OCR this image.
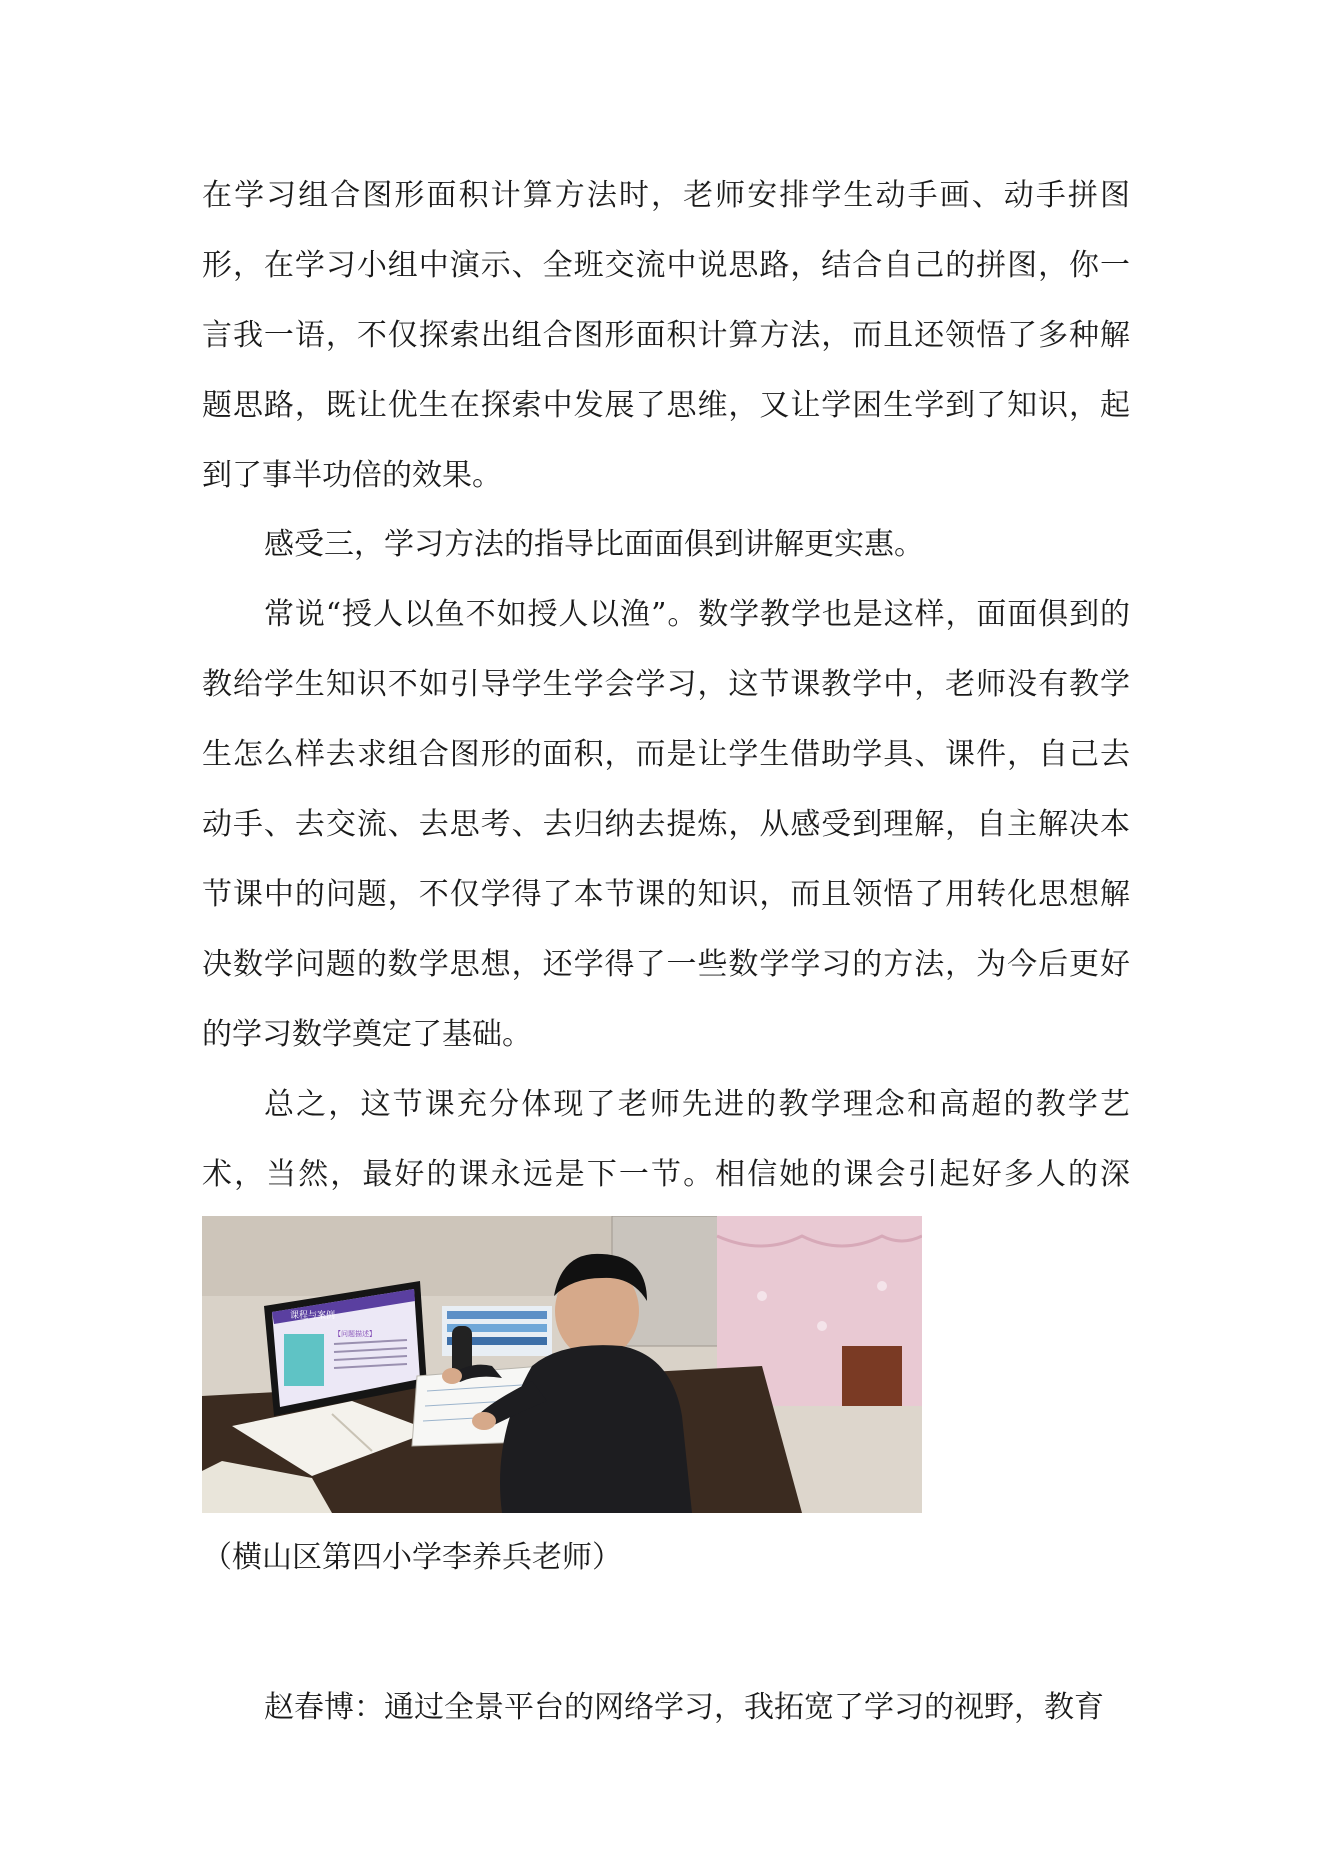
在学习组合图形面积计算方法时，老师安排学生动手画、动手拼图形，在学习小组中演示、全班交流中说思路，结合自己的拼图，你一言我一语，不仅探索出组合图形面积计算方法，而且还领悟了多种解题思路，既让优生在探索中发展了思维，又让学困生学到了知识，起到了事半功倍的效果。

感受三，学习方法的指导比面面俱到讲解更实惠。

常说“授人以鱼不如授人以渔”。数学教学也是这样，面面俱到的教给学生知识不如引导学生学会学习，这节课教学中，老师没有教学生怎么样去求组合图形的面积，而是让学生借助学具、课件，自己去动手、去交流、去思考、去归纳去提炼，从感受到理解，自主解决本节课中的问题，不仅学得了本节课的知识，而且领悟了用转化思想解决数学问题的数学思想，还学得了一些数学学习的方法，为今后更好的学习数学奠定了基础。

总之，这节课充分体现了老师先进的教学理念和高超的教学艺术，当然，最好的课永远是下一节。相信她的课会引起好多人的深

课程与案例
【问题描述】

（横山区第四小学李养兵老师）

赵春博：通过全景平台的网络学习，我拓宽了学习的视野，教育
